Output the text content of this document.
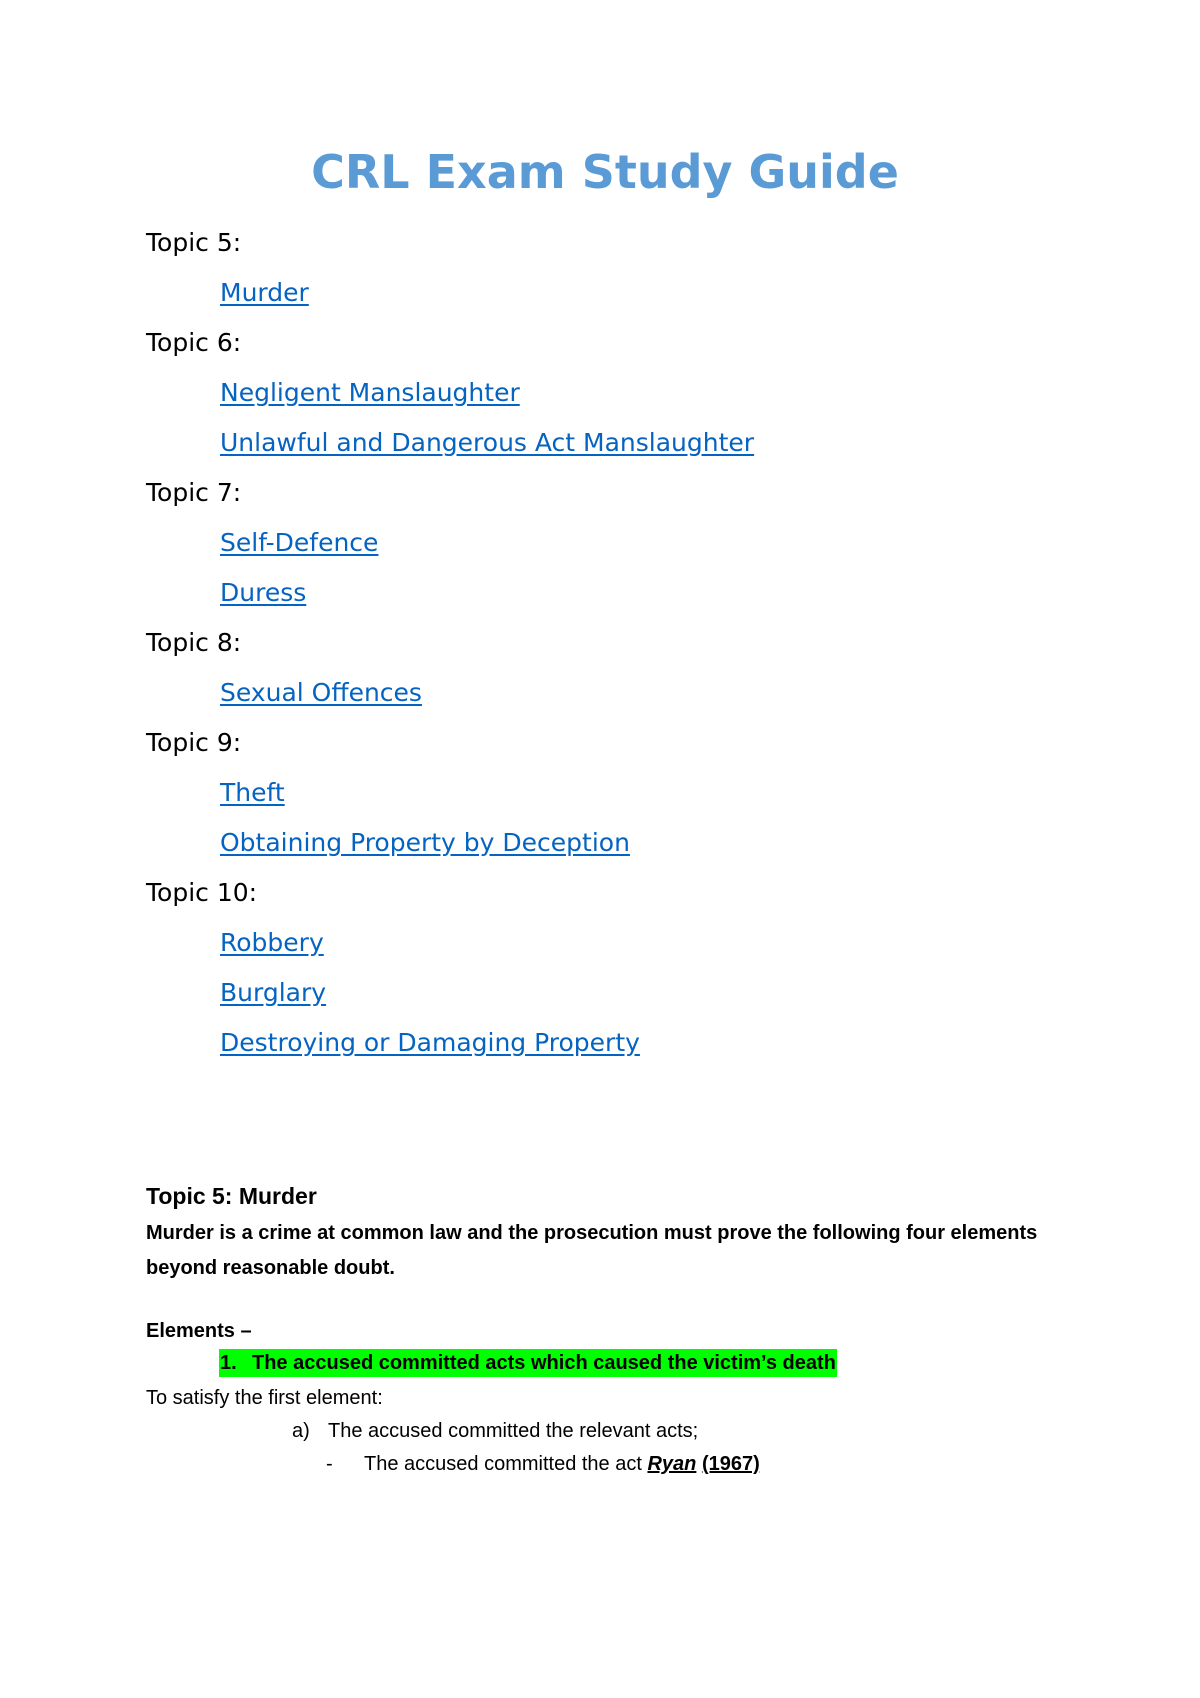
CRL Exam Study Guide
Topic 5:
Murder
Topic 6:
Negligent Manslaughter
Unlawful and Dangerous Act Manslaughter
Topic 7:
Self-Defence
Duress
Topic 8:
Sexual Offences
Topic 9:
Theft
Obtaining Property by Deception
Topic 10:
Robbery
Burglary
Destroying or Damaging Property
Topic 5: Murder
Murder is a crime at common law and the prosecution must prove the following four elements beyond reasonable doubt.
Elements –
1. The accused committed acts which caused the victim’s death
To satisfy the first element:
a) The accused committed the relevant acts;
- The accused committed the act Ryan (1967)
